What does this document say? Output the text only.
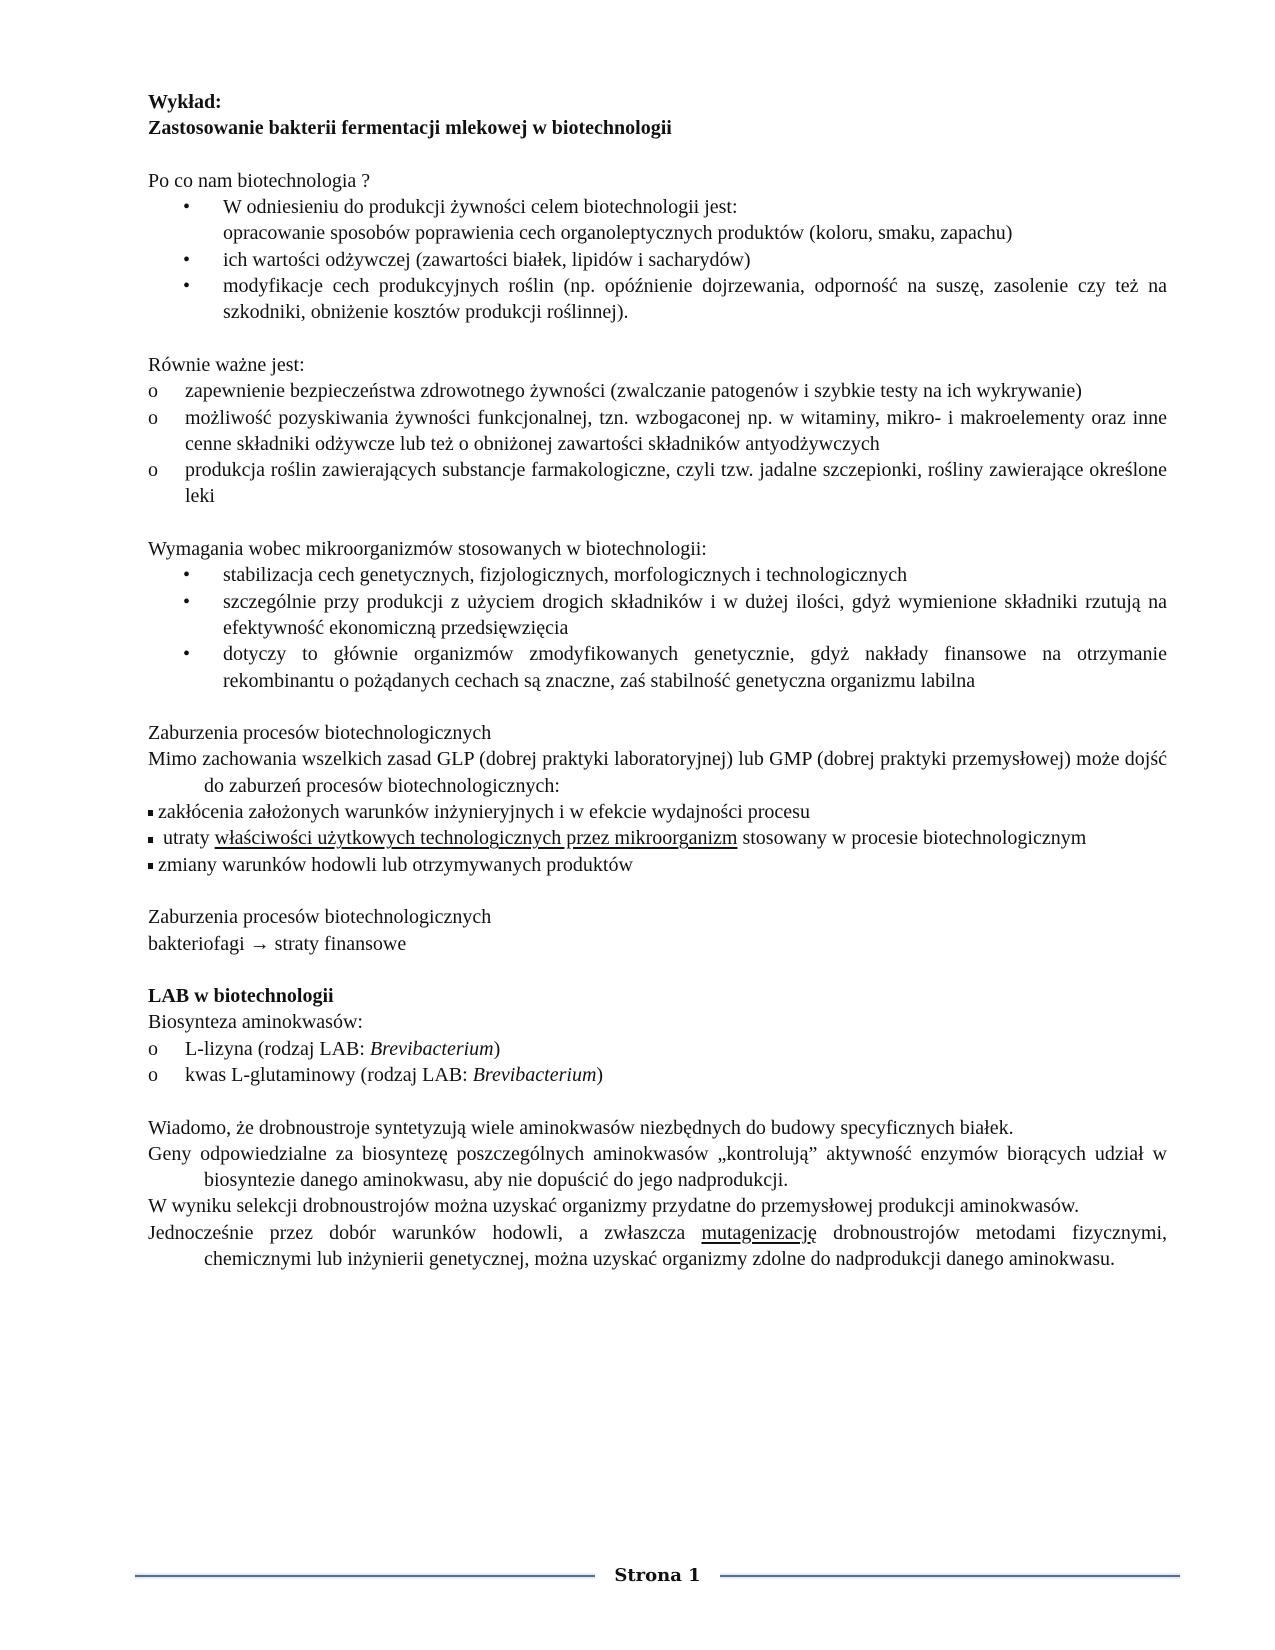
Wykład:

Zastosowanie bakterii fermentacji mlekowej w biotechnologii

Po co nam biotechnologia ?

• W odniesieniu do produkcji żywności celem biotechnologii jest:
opracowanie sposobów poprawienia cech organoleptycznych produktów (koloru, smaku, zapachu)
• ich wartości odżywczej (zawartości białek, lipidów i sacharydów)
• modyfikacje cech produkcyjnych roślin (np. opóźnienie dojrzewania, odporność na suszę, zasolenie czy też na szkodniki, obniżenie kosztów produkcji roślinnej).

Równie ważne jest:

o zapewnienie bezpieczeństwa zdrowotnego żywności (zwalczanie patogenów i szybkie testy na ich wykrywanie)
o możliwość pozyskiwania żywności funkcjonalnej, tzn. wzbogaconej np. w witaminy, mikro- i makroelementy oraz inne cenne składniki odżywcze lub też o obniżonej zawartości składników antyodżywczych
o produkcja roślin zawierających substancje farmakologiczne, czyli tzw. jadalne szczepionki, rośliny zawierające określone leki

Wymagania wobec mikroorganizmów stosowanych w biotechnologii:

• stabilizacja cech genetycznych, fizjologicznych, morfologicznych i technologicznych
• szczególnie przy produkcji z użyciem drogich składników i w dużej ilości, gdyż wymienione składniki rzutują na efektywność ekonomiczną przedsięwzięcia
• dotyczy to głównie organizmów zmodyfikowanych genetycznie, gdyż nakłady finansowe na otrzymanie rekombinantu o pożądanych cechach są znaczne, zaś stabilność genetyczna organizmu labilna

Zaburzenia procesów biotechnologicznych

Mimo zachowania wszelkich zasad GLP (dobrej praktyki laboratoryjnej) lub GMP (dobrej praktyki przemysłowej) może dojść do zaburzeń procesów biotechnologicznych:

zakłócenia założonych warunków inżynieryjnych i w efekcie wydajności procesu

utraty właściwości użytkowych technologicznych przez mikroorganizm stosowany w procesie biotechnologicznym

zmiany warunków hodowli lub otrzymywanych produktów

Zaburzenia procesów biotechnologicznych

bakteriofagi → straty finansowe

LAB w biotechnologii

Biosynteza aminokwasów:

o L-lizyna (rodzaj LAB: Brevibacterium)
o kwas L-glutaminowy (rodzaj LAB: Brevibacterium)

Wiadomo, że drobnoustroje syntetyzują wiele aminokwasów niezbędnych do budowy specyficznych białek.

Geny odpowiedzialne za biosyntezę poszczególnych aminokwasów „kontrolują” aktywność enzymów biorących udział w biosyntezie danego aminokwasu, aby nie dopuścić do jego nadprodukcji.

W wyniku selekcji drobnoustrojów można uzyskać organizmy przydatne do przemysłowej produkcji aminokwasów.

Jednocześnie przez dobór warunków hodowli, a zwłaszcza mutagenizację drobnoustrojów metodami fizycznymi, chemicznymi lub inżynierii genetycznej, można uzyskać organizmy zdolne do nadprodukcji danego aminokwasu.

Strona 1
